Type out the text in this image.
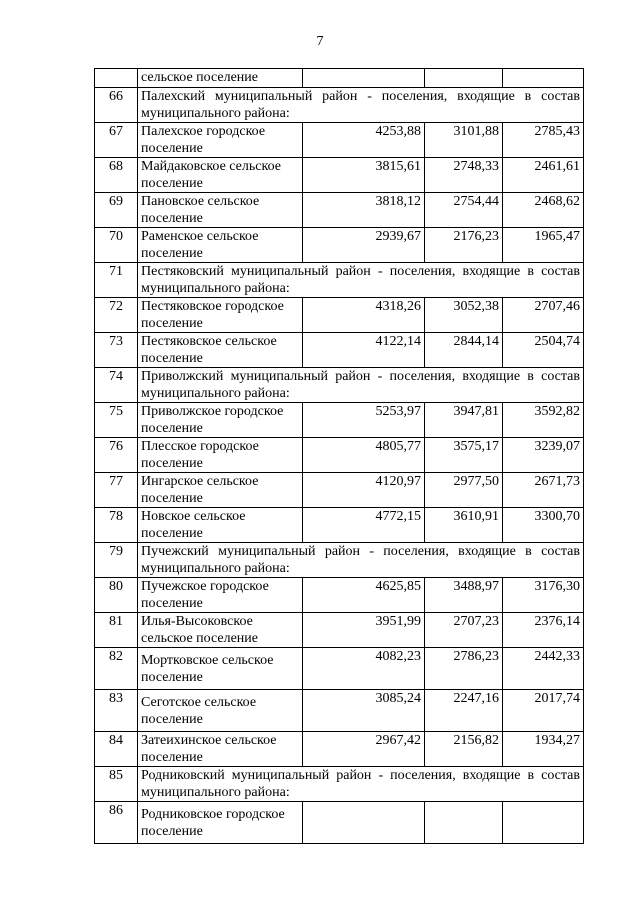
7
	сельское поселение			
66	Палехский муниципальный район - поселения, входящие в состав муниципального района:			
67	Палехское городское поселение	4253,88	3101,88	2785,43
68	Майдаковское сельское поселение	3815,61	2748,33	2461,61
69	Пановское сельское поселение	3818,12	2754,44	2468,62
70	Раменское сельское поселение	2939,67	2176,23	1965,47
71	Пестяковский муниципальный район - поселения, входящие в состав муниципального района:			
72	Пестяковское городское поселение	4318,26	3052,38	2707,46
73	Пестяковское сельское поселение	4122,14	2844,14	2504,74
74	Приволжский муниципальный район - поселения, входящие в состав муниципального района:			
75	Приволжское городское поселение	5253,97	3947,81	3592,82
76	Плесское городское поселение	4805,77	3575,17	3239,07
77	Ингарское сельское поселение	4120,97	2977,50	2671,73
78	Новское сельское поселение	4772,15	3610,91	3300,70
79	Пучежский муниципальный район - поселения, входящие в состав муниципального района:			
80	Пучежское городское поселение	4625,85	3488,97	3176,30
81	Илья-Высоковское сельское поселение	3951,99	2707,23	2376,14
82	Мортковское сельское поселение	4082,23	2786,23	2442,33
83	Сеготское сельское поселение	3085,24	2247,16	2017,74
84	Затеихинское сельское поселение	2967,42	2156,82	1934,27
85	Родниковский муниципальный район - поселения, входящие в состав муниципального района:			
86	Родниковское городское поселение			
